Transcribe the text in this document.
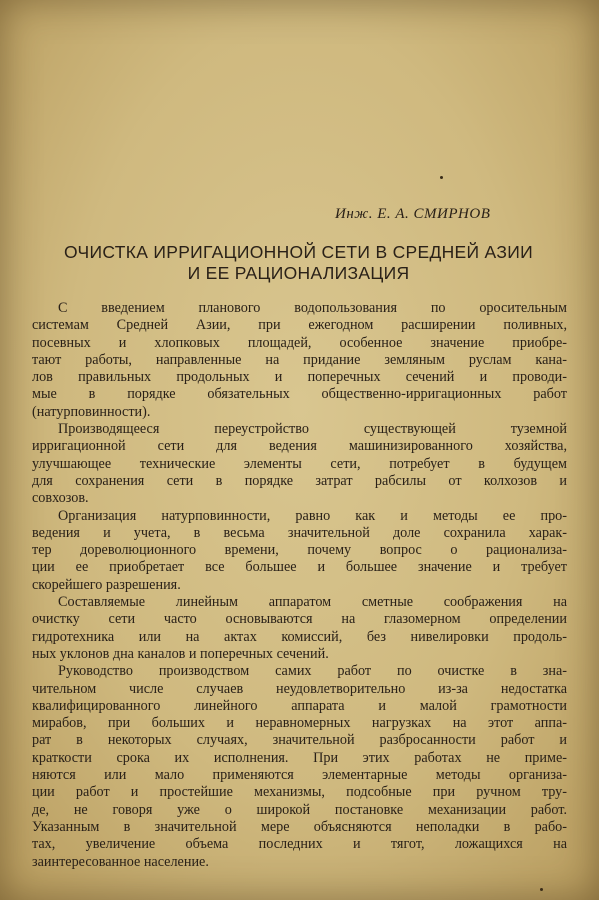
Инж. Е. А. СМИРНОВ
ОЧИСТКА ИРРИГАЦИОННОЙ СЕТИ В СРЕДНЕЙ АЗИИ
И ЕЕ РАЦИОНАЛИЗАЦИЯ
С введением планового водопользования по оросительным
системам Средней Азии, при ежегодном расширении поливных,
посевных и хлопковых площадей, особенное значение приобре-
тают работы, направленные на придание земляным руслам кана-
лов правильных продольных и поперечных сечений и проводи-
мые в порядке обязательных общественно-ирригационных работ
(натурповинности).
Производящееся переустройство существующей туземной
ирригационной сети для ведения машинизированного хозяйства,
улучшающее технические элементы сети, потребует в будущем
для сохранения сети в порядке затрат рабсилы от колхозов и
совхозов.
Организация натурповинности, равно как и методы ее про-
ведения и учета, в весьма значительной доле сохранила харак-
тер дореволюционного времени, почему вопрос о рационализа-
ции ее приобретает все большее и большее значение и требует
скорейшего разрешения.
Составляемые линейным аппаратом сметные соображения на
очистку сети часто основываются на глазомерном определении
гидротехника или на актах комиссий, без нивелировки продоль-
ных уклонов дна каналов и поперечных сечений.
Руководство производством самих работ по очистке в зна-
чительном числе случаев неудовлетворительно из-за недостатка
квалифицированного линейного аппарата и малой грамотности
мирабов, при больших и неравномерных нагрузках на этот аппа-
рат в некоторых случаях, значительной разбросанности работ и
краткости срока их исполнения. При этих работах не приме-
няются или мало применяются элементарные методы организа-
ции работ и простейшие механизмы, подсобные при ручном тру-
де, не говоря уже о широкой постановке механизации работ.
Указанным в значительной мере объясняются неполадки в рабо-
тах, увеличение объема последних и тягот, ложащихся на
заинтересованное население.
